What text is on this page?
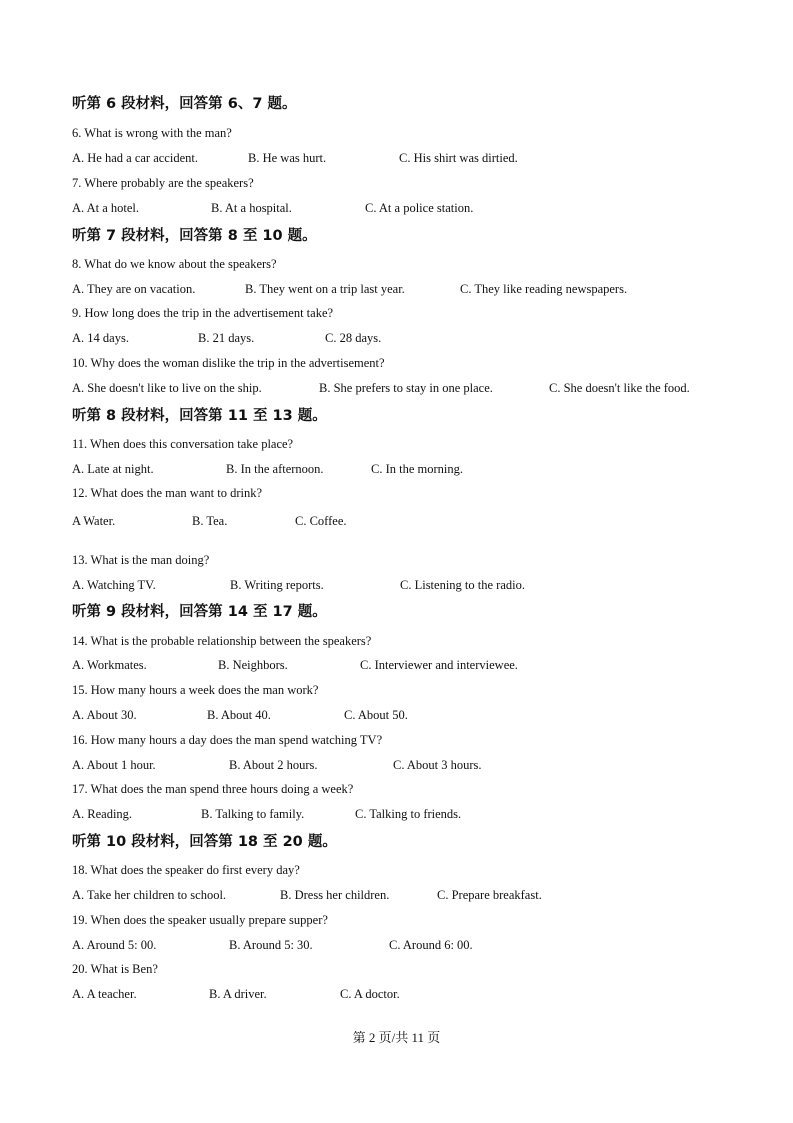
听第 6 段材料，回答第 6、7 题。
6. What is wrong with the man?
A. He had a car accident.	B. He was hurt.	C. His shirt was dirtied.
7. Where probably are the speakers?
A. At a hotel.	B. At a hospital.	C. At a police station.
听第 7 段材料，回答第 8 至 10 题。
8. What do we know about the speakers?
A. They are on vacation.	B. They went on a trip last year.	C. They like reading newspapers.
9. How long does the trip in the advertisement take?
A. 14 days.	B. 21 days.	C. 28 days.
10. Why does the woman dislike the trip in the advertisement?
A. She doesn't like to live on the ship.	B. She prefers to stay in one place.	C. She doesn't like the food.
听第 8 段材料，回答第 11 至 13 题。
11. When does this conversation take place?
A. Late at night.	B. In the afternoon.	C. In the morning.
12. What does the man want to drink?
A Water.	B. Tea.	C. Coffee.
13. What is the man doing?
A. Watching TV.	B. Writing reports.	C. Listening to the radio.
听第 9 段材料，回答第 14 至 17 题。
14. What is the probable relationship between the speakers?
A. Workmates.	B. Neighbors.	C. Interviewer and interviewee.
15. How many hours a week does the man work?
A. About 30.	B. About 40.	C. About 50.
16. How many hours a day does the man spend watching TV?
A. About 1 hour.	B. About 2 hours.	C. About 3 hours.
17. What does the man spend three hours doing a week?
A. Reading.	B. Talking to family.	C. Talking to friends.
听第 10 段材料，回答第 18 至 20 题。
18. What does the speaker do first every day?
A. Take her children to school.	B. Dress her children.	C. Prepare breakfast.
19. When does the speaker usually prepare supper?
A. Around 5: 00.	B. Around 5: 30.	C. Around 6: 00.
20. What is Ben?
A. A teacher.	B. A driver.	C. A doctor.
第 2 页/共 11 页
